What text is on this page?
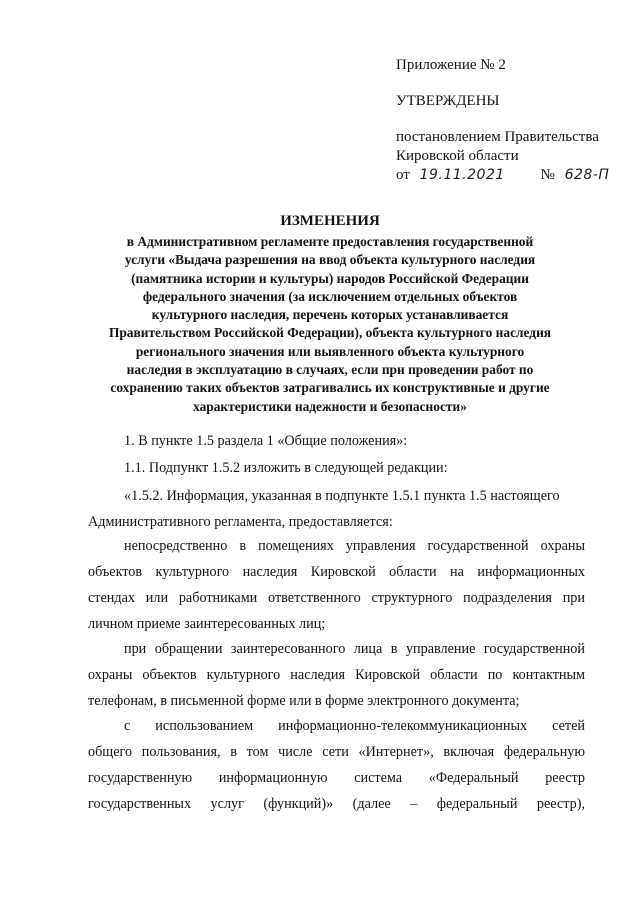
Приложение № 2
УТВЕРЖДЕНЫ
постановлением Правительства
Кировской области
от 19.11.2021 № 628-П
ИЗМЕНЕНИЯ
в Административном регламенте предоставления государственной
услуги «Выдача разрешения на ввод объекта культурного наследия
(памятника истории и культуры) народов Российской Федерации
федерального значения (за исключением отдельных объектов
культурного наследия, перечень которых устанавливается
Правительством Российской Федерации), объекта культурного наследия
регионального значения или выявленного объекта культурного
наследия в эксплуатацию в случаях, если при проведении работ по
сохранению таких объектов затрагивались их конструктивные и другие
характеристики надежности и безопасности»
1. В пункте 1.5 раздела 1 «Общие положения»:
1.1. Подпункт 1.5.2 изложить в следующей редакции:
«1.5.2. Информация, указанная в подпункте 1.5.1 пункта 1.5 настоящего
Административного регламента, предоставляется:
непосредственно в помещениях управления государственной охраны
объектов культурного наследия Кировской области на информационных
стендах или работниками ответственного структурного подразделения при
личном приеме заинтересованных лиц;
при обращении заинтересованного лица в управление государственной
охраны объектов культурного наследия Кировской области по контактным
телефонам, в письменной форме или в форме электронного документа;
с использованием информационно-телекоммуникационных сетей
общего пользования, в том числе сети «Интернет», включая федеральную
государственную информационную система «Федеральный реестр
государственных услуг (функций)» (далее – федеральный реестр),
